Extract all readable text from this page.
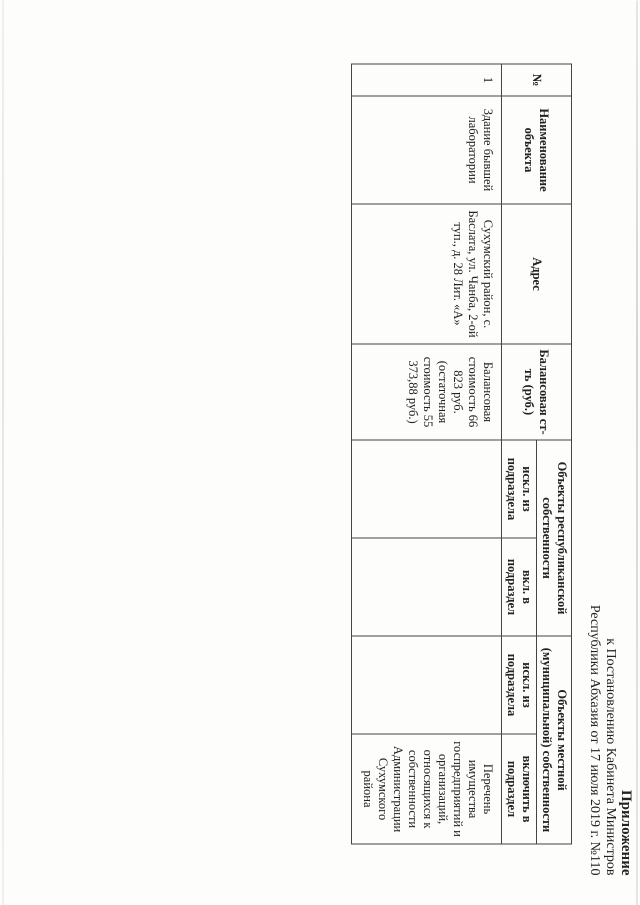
Приложение
к Постановлению Кабинета Министров
Республики Абхазия от 17 июля 2019 г. №110
№	Наименование объекта	Адрес	Балансовая ст-ть (руб.)	Объекты республиканской собственности		Объекты местной (муниципальной) собственности	
				искл. из подраздела	вкл. в подраздел	искл. из подраздела	включить в подраздел
1	Здание бывшей лаборатории	Сухумский район, с. Баслата, ул. Чанба, 2-ой туп., д. 28 Лит. «А»	Балансовая стоимость 66 823 руб. (остаточная стоимость 55 373,88 руб.)				Перечень имущества госпредприятий и организаций, относящихся к собственности Администрации Сухумского района
